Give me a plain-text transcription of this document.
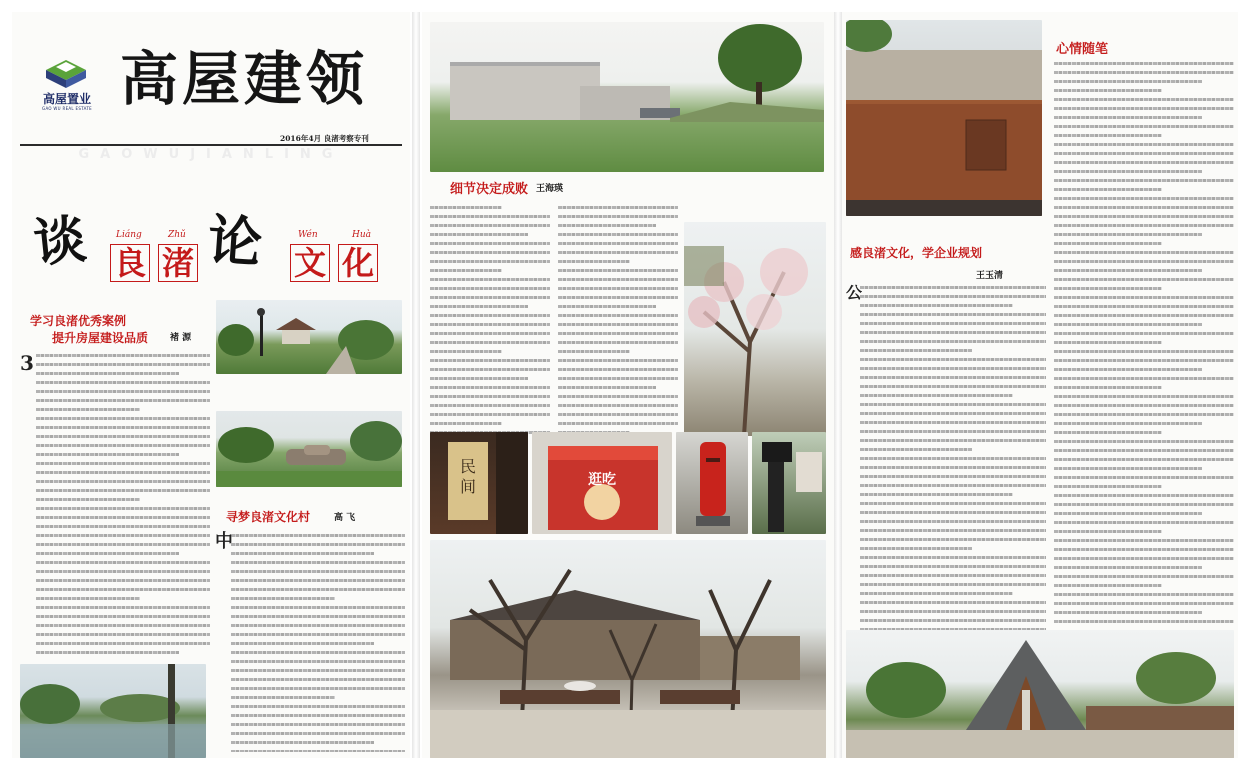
高屋置业
GAO WU REAL ESTATE 高屋建领
2016年4月 良渚考察专刊
GAOWUJIANLING
谈	Liáng
良
Zhǔ
渚 论	Wén
文
Huà
化
学习良渚优秀案例
提升房屋建设品质 褚 源
3
寻梦良渚文化村	高 飞
中
细节决定成败 王海瑛
民
间	逛吃
心情随笔
感良渚文化，学企业规划
王玉清
公
